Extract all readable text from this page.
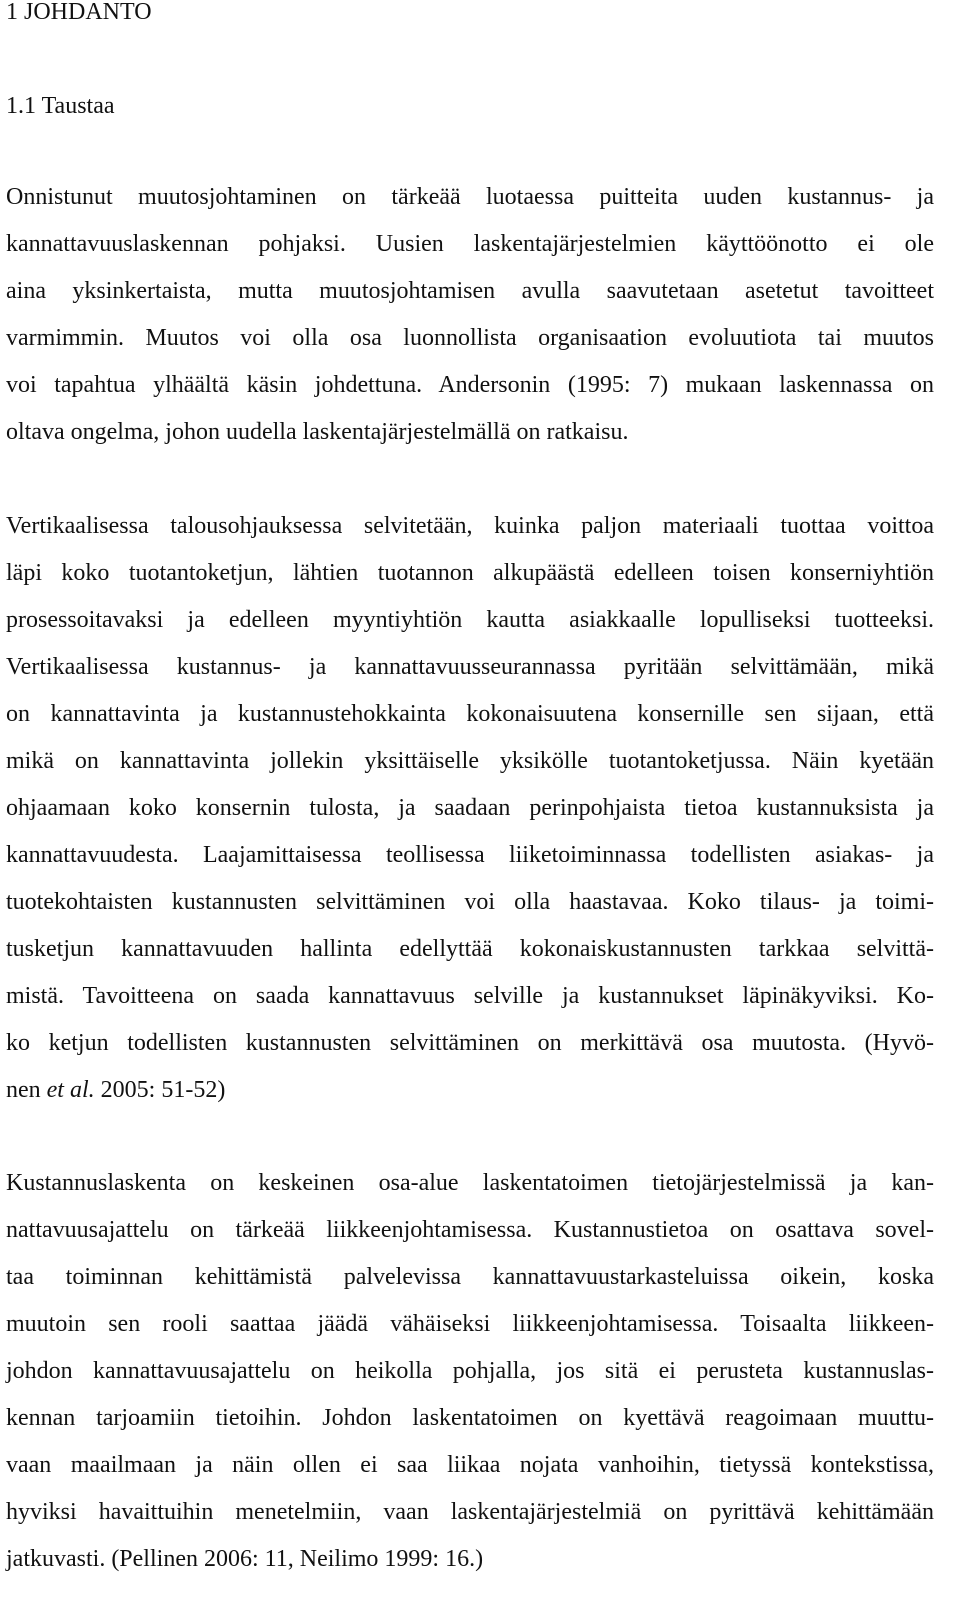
1 JOHDANTO
1.1 Taustaa
Onnistunut muutosjohtaminen on tärkeää luotaessa puitteita uuden kustannus- ja
kannattavuuslaskennan pohjaksi. Uusien laskentajärjestelmien käyttöönotto ei ole
aina yksinkertaista, mutta muutosjohtamisen avulla saavutetaan asetetut tavoitteet
varmimmin. Muutos voi olla osa luonnollista organisaation evoluutiota tai muutos
voi tapahtua ylhäältä käsin johdettuna. Andersonin (1995: 7) mukaan laskennassa on
oltava ongelma, johon uudella laskentajärjestelmällä on ratkaisu.
Vertikaalisessa talousohjauksessa selvitetään, kuinka paljon materiaali tuottaa voittoa
läpi koko tuotantoketjun, lähtien tuotannon alkupäästä edelleen toisen konserniyhtiön
prosessoitavaksi ja edelleen myyntiyhtiön kautta asiakkaalle lopulliseksi tuotteeksi.
Vertikaalisessa kustannus- ja kannattavuusseurannassa pyritään selvittämään, mikä
on kannattavinta ja kustannustehokkainta kokonaisuutena konsernille sen sijaan, että
mikä on kannattavinta jollekin yksittäiselle yksikölle tuotantoketjussa. Näin kyetään
ohjaamaan koko konsernin tulosta, ja saadaan perinpohjaista tietoa kustannuksista ja
kannattavuudesta. Laajamittaisessa teollisessa liiketoiminnassa todellisten asiakas- ja
tuotekohtaisten kustannusten selvittäminen voi olla haastavaa. Koko tilaus- ja toimi-
tusketjun kannattavuuden hallinta edellyttää kokonaiskustannusten tarkkaa selvittä-
mistä. Tavoitteena on saada kannattavuus selville ja kustannukset läpinäkyviksi. Ko-
ko ketjun todellisten kustannusten selvittäminen on merkittävä osa muutosta. (Hyvö-
nen et al. 2005: 51-52)
Kustannuslaskenta on keskeinen osa-alue laskentatoimen tietojärjestelmissä ja kan-
nattavuusajattelu on tärkeää liikkeenjohtamisessa. Kustannustietoa on osattava sovel-
taa toiminnan kehittämistä palvelevissa kannattavuustarkasteluissa oikein, koska
muutoin sen rooli saattaa jäädä vähäiseksi liikkeenjohtamisessa. Toisaalta liikkeen-
johdon kannattavuusajattelu on heikolla pohjalla, jos sitä ei perusteta kustannuslas-
kennan tarjoamiin tietoihin. Johdon laskentatoimen on kyettävä reagoimaan muuttu-
vaan maailmaan ja näin ollen ei saa liikaa nojata vanhoihin, tietyssä kontekstissa,
hyviksi havaittuihin menetelmiin, vaan laskentajärjestelmiä on pyrittävä kehittämään
jatkuvasti. (Pellinen 2006: 11, Neilimo 1999: 16.)
